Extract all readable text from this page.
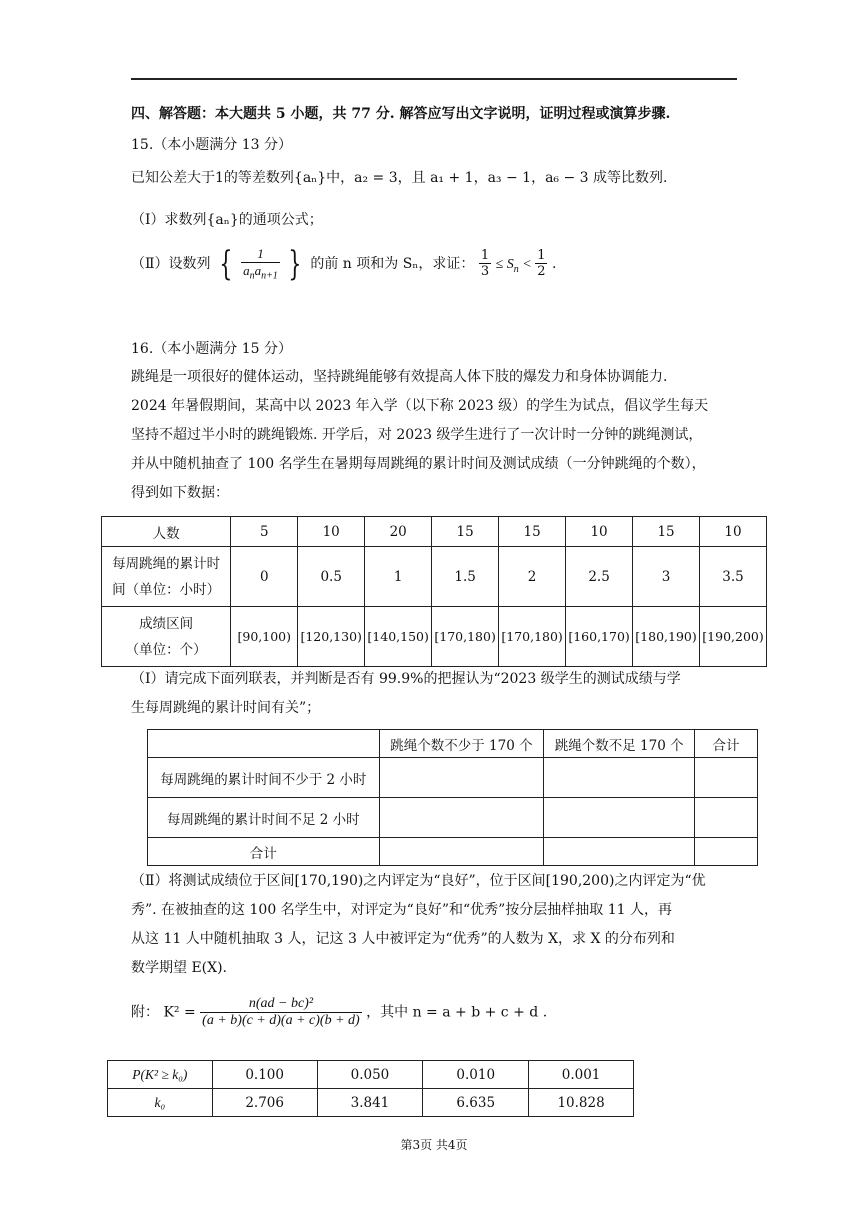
四、解答题：本大题共 5 小题，共 77 分. 解答应写出文字说明，证明过程或演算步骤.
15.（本小题满分 13 分）
已知公差大于1的等差数列{aₙ}中，a₂ = 3，且 a₁ + 1，a₃ − 1，a₆ − 3 成等比数列.
（Ⅰ）求数列{aₙ}的通项公式；
（Ⅱ）设数列 { $\frac{1}{a_na_{n+1}}$ } 的前 n 项和为 Sₙ，求证： $\frac{1}{3} \le S_n < \frac{1}{2}$ .
16.（本小题满分 15 分）
跳绳是一项很好的健体运动，坚持跳绳能够有效提高人体下肢的爆发力和身体协调能力.
2024 年暑假期间，某高中以 2023 年入学（以下称 2023 级）的学生为试点，倡议学生每天
坚持不超过半小时的跳绳锻炼. 开学后，对 2023 级学生进行了一次计时一分钟的跳绳测试，
并从中随机抽查了 100 名学生在暑期每周跳绳的累计时间及测试成绩（一分钟跳绳的个数），
得到如下数据：
人数	5	10	20	15	15	10	15	10

每周跳绳的累计时
间（单位：小时）	0	0.5	1	1.5	2	2.5	3	3.5

成绩区间
（单位：个）	[90,100)	[120,130)	[140,150)	[170,180)	[170,180)	[160,170)	[180,190)	[190,200)
（Ⅰ）请完成下面列联表，并判断是否有 99.9%的把握认为“2023 级学生的测试成绩与学
生每周跳绳的累计时间有关”；
	跳绳个数不少于 170 个	跳绳个数不足 170 个	合计
每周跳绳的累计时间不少于 2 小时			
每周跳绳的累计时间不足 2 小时			
合计			
（Ⅱ）将测试成绩位于区间[170,190)之内评定为“良好”，位于区间[190,200)之内评定为“优
秀”. 在被抽查的这 100 名学生中，对评定为“良好”和“优秀”按分层抽样抽取 11 人，再
从这 11 人中随机抽取 3 人，记这 3 人中被评定为“优秀”的人数为 X，求 X 的分布列和
数学期望 E(X).
附： $K^2 = \frac{\text{n(ad − bc)²}}{(a + b)(c + d)(a + c)(b + d)}$ ，其中 n = a + b + c + d .
P(K² ≥ k₀)	0.100	0.050	0.010	0.001
k₀	2.706	3.841	6.635	10.828
第3页 共4页
